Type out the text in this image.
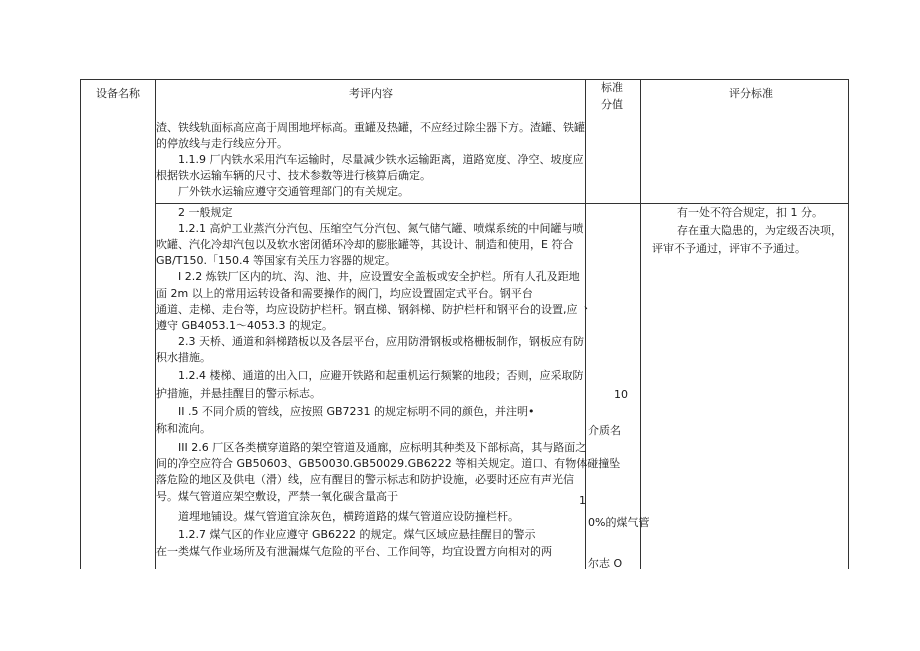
设备名称	考评内容	标准
分值
评分标准
渣、铁线轨面标高应高于周围地坪标高。重罐及热罐，不应经过除尘器下方。渣罐、铁罐
的停放线与走行线应分开。
1.1.9 厂内铁水采用汽车运输时，尽量减少铁水运输距离，道路宽度、净空、坡度应
根据铁水运输车辆的尺寸、技术参数等进行核算后确定。
厂外铁水运输应遵守交通管理部门的有关规定。
2 一般规定
1.2.1 高炉工业蒸汽分汽包、压缩空气分汽包、氮气储气罐、喷煤系统的中间罐与喷
吹罐、汽化冷却汽包以及软水密闭循环冷却的膨胀罐等，其设计、制造和使用，E 符合
GB/T150.「150.4 等国家有关压力容器的规定。
I 2.2 炼铁厂区内的坑、沟、池、井，应设置安全盖板或安全护栏。所有人孔及距地
面 2m 以上的常用运转设备和需要操作的阀门，均应设置固定式平台。钢平台
通道、走梯、走台等，均应设防护栏杆。钢直梯、钢斜梯、防护栏杆和钢平台的设置,应
遵守 GB4053.1～4053.3 的规定。
2.3 天桥、通道和斜梯踏板以及各层平台，应用防滑钢板或格栅板制作，钢板应有防
积水措施。
1.2.4 楼梯、通道的出入口，应避开铁路和起重机运行频繁的地段；否则，应采取防
护措施，并悬挂醒目的警示标志。
II .5 不同介质的管线，应按照 GB7231 的规定标明不同的颜色，并注明•
称和流向。
III 2.6 厂区各类横穿道路的架空管道及通廊，应标明其种类及下部标高，其与路面之
间的净空应符合 GB50603、GB50030.GB50029.GB6222 等相关规定。道口、有物体碰撞坠
落危险的地区及供电（滑）线，应有醒目的警示标志和防护设施，必要时还应有声光信
号。煤气管道应架空敷设，严禁一氧化碳含量高于
道埋地铺设。煤气管道宜涂灰色，横跨道路的煤气管道应设防撞栏杆。
1.2.7 煤气区的作业应遵守 GB6222 的规定。煤气区域应悬挂醒目的警示
在一类煤气作业场所及有泄漏煤气危险的平台、工作间等，均宜设置方向相对的两
、
10
介质名
1
0%的煤气管
尔志 O
有一处不符合规定，扣 1 分。
存在重大隐患的，为定级否决项，
评审不予通过，评审不予通过。
